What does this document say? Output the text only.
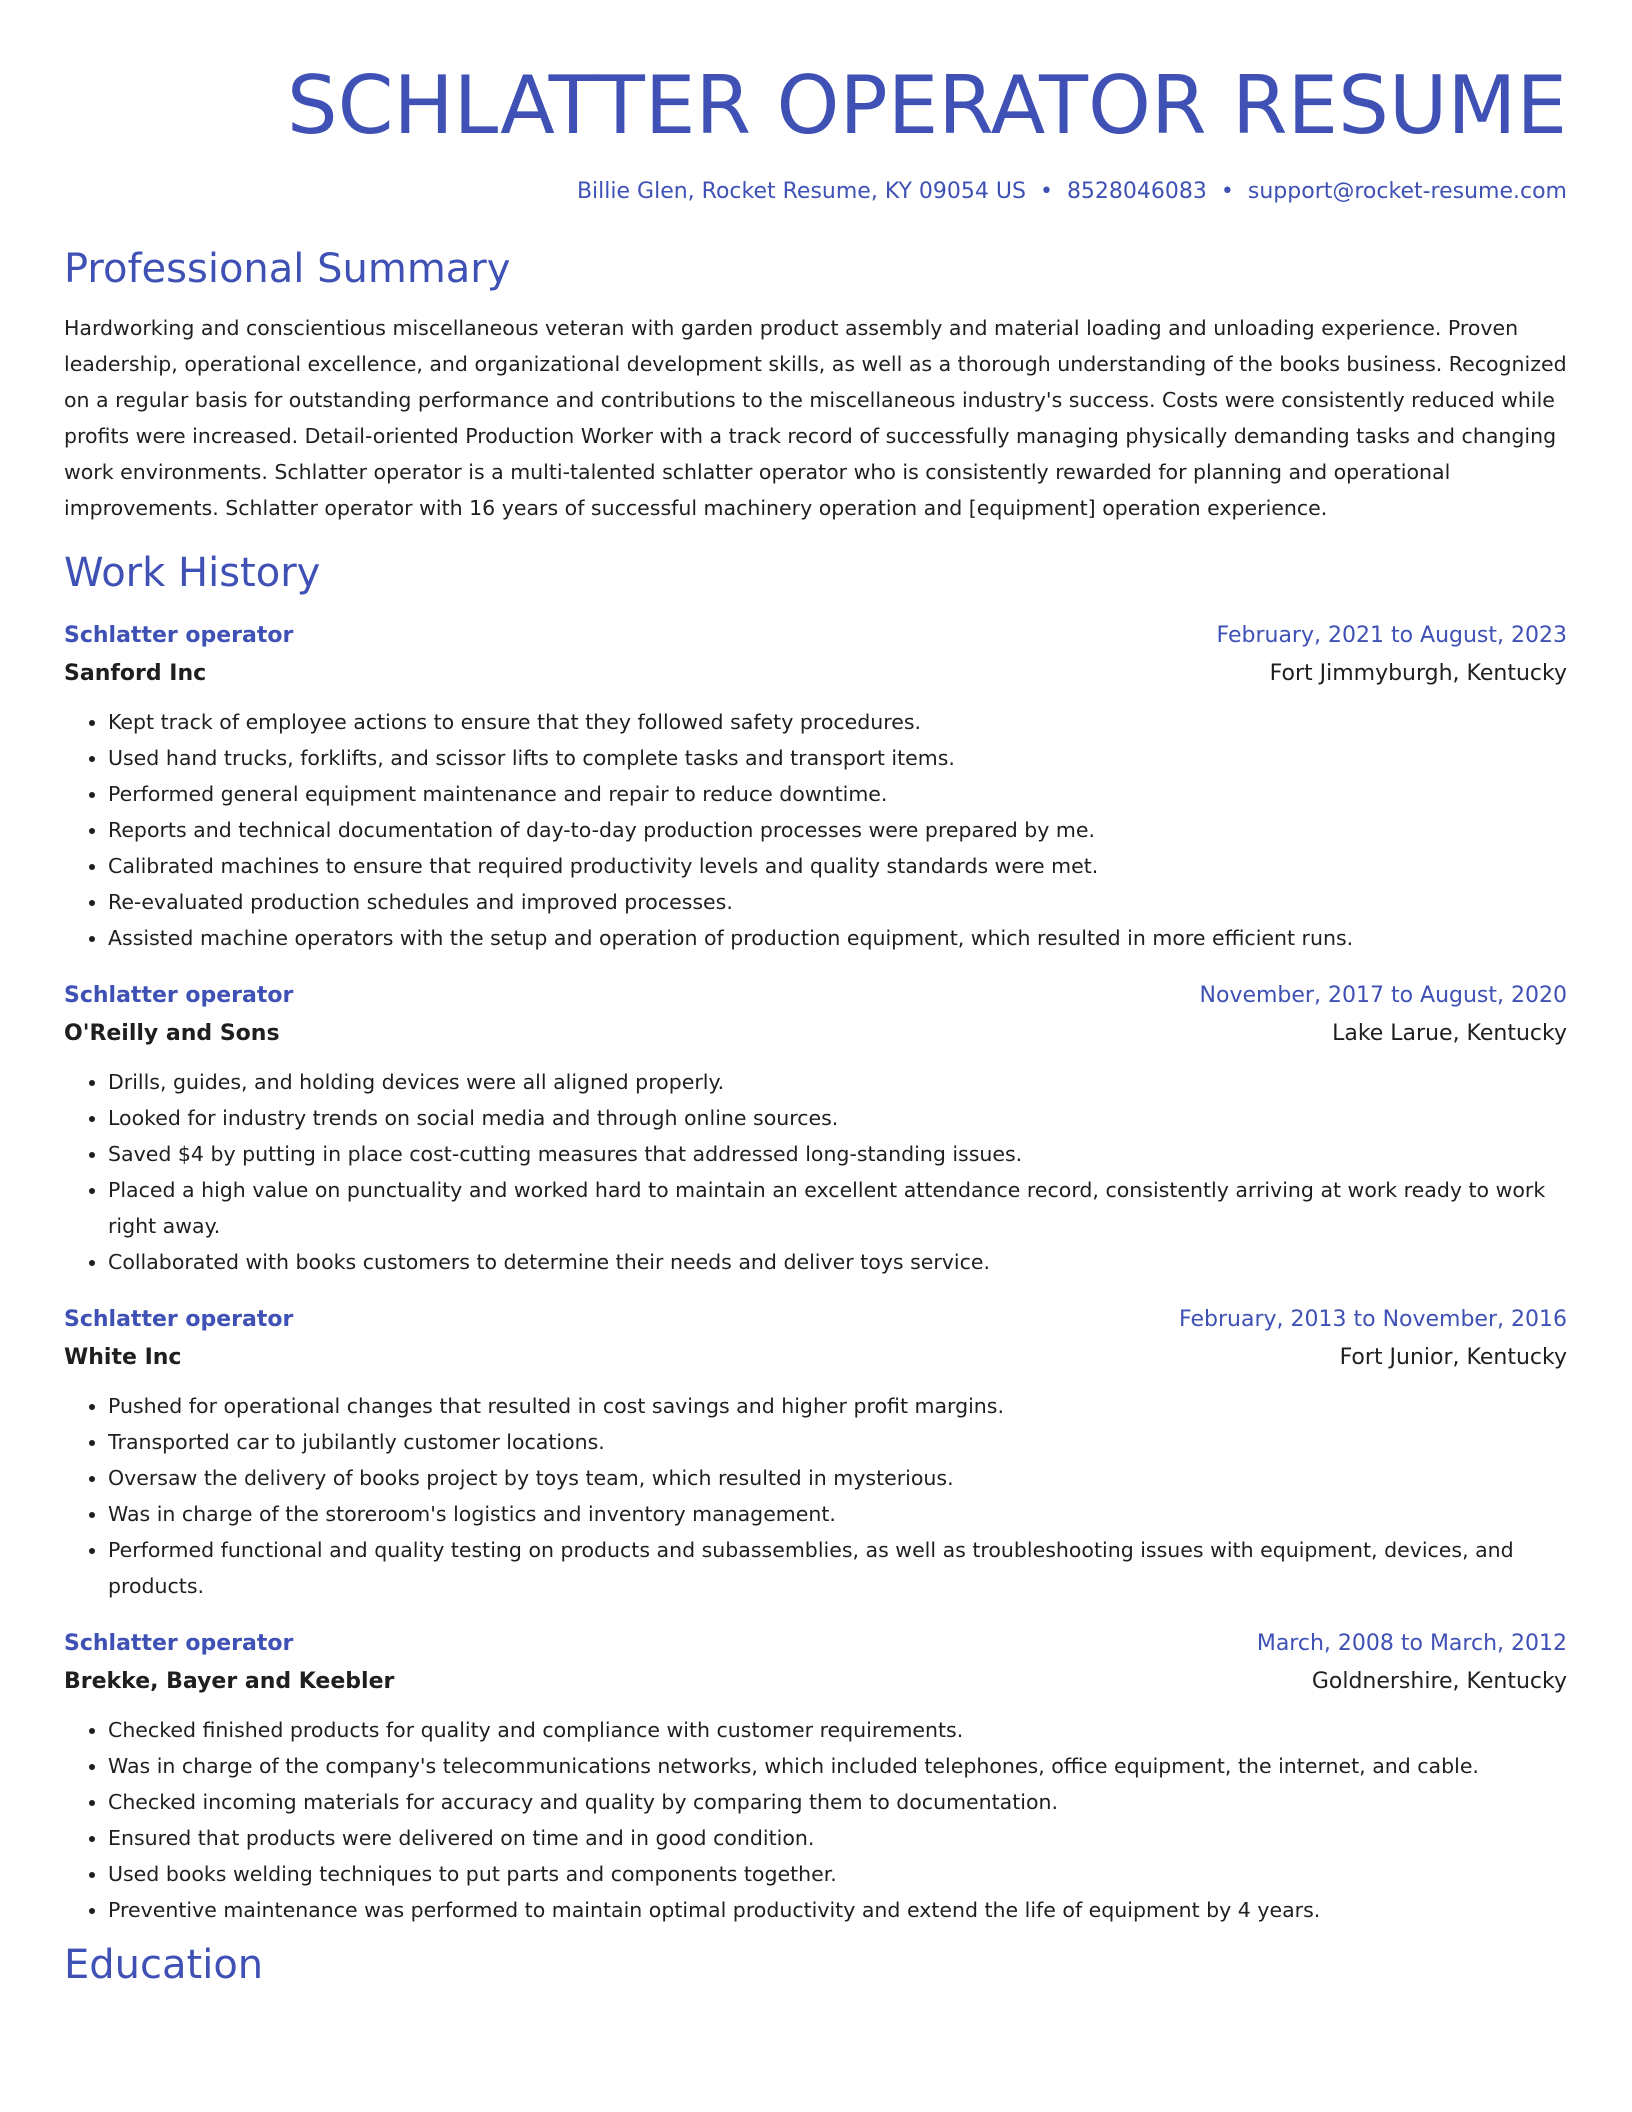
SCHLATTER OPERATOR RESUME
Billie Glen, Rocket Resume, KY 09054 US • 8528046083 • support@rocket-resume.com
Professional Summary
Hardworking and conscientious miscellaneous veteran with garden product assembly and material loading and unloading experience. Proven leadership, operational excellence, and organizational development skills, as well as a thorough understanding of the books business. Recognized on a regular basis for outstanding performance and contributions to the miscellaneous industry's success. Costs were consistently reduced while profits were increased. Detail-oriented Production Worker with a track record of successfully managing physically demanding tasks and changing work environments. Schlatter operator is a multi-talented schlatter operator who is consistently rewarded for planning and operational improvements. Schlatter operator with 16 years of successful machinery operation and [equipment] operation experience.
Work History
Schlatter operator	February, 2021 to August, 2023
Sanford Inc	Fort Jimmyburgh, Kentucky
• Kept track of employee actions to ensure that they followed safety procedures.
• Used hand trucks, forklifts, and scissor lifts to complete tasks and transport items.
• Performed general equipment maintenance and repair to reduce downtime.
• Reports and technical documentation of day-to-day production processes were prepared by me.
• Calibrated machines to ensure that required productivity levels and quality standards were met.
• Re-evaluated production schedules and improved processes.
• Assisted machine operators with the setup and operation of production equipment, which resulted in more efficient runs.
Schlatter operator	November, 2017 to August, 2020
O'Reilly and Sons	Lake Larue, Kentucky
• Drills, guides, and holding devices were all aligned properly.
• Looked for industry trends on social media and through online sources.
• Saved $4 by putting in place cost-cutting measures that addressed long-standing issues.
• Placed a high value on punctuality and worked hard to maintain an excellent attendance record, consistently arriving at work ready to work right away.
• Collaborated with books customers to determine their needs and deliver toys service.
Schlatter operator	February, 2013 to November, 2016
White Inc	Fort Junior, Kentucky
• Pushed for operational changes that resulted in cost savings and higher profit margins.
• Transported car to jubilantly customer locations.
• Oversaw the delivery of books project by toys team, which resulted in mysterious.
• Was in charge of the storeroom's logistics and inventory management.
• Performed functional and quality testing on products and subassemblies, as well as troubleshooting issues with equipment, devices, and products.
Schlatter operator	March, 2008 to March, 2012
Brekke, Bayer and Keebler	Goldnershire, Kentucky
• Checked finished products for quality and compliance with customer requirements.
• Was in charge of the company's telecommunications networks, which included telephones, office equipment, the internet, and cable.
• Checked incoming materials for accuracy and quality by comparing them to documentation.
• Ensured that products were delivered on time and in good condition.
• Used books welding techniques to put parts and components together.
• Preventive maintenance was performed to maintain optimal productivity and extend the life of equipment by 4 years.
Education
